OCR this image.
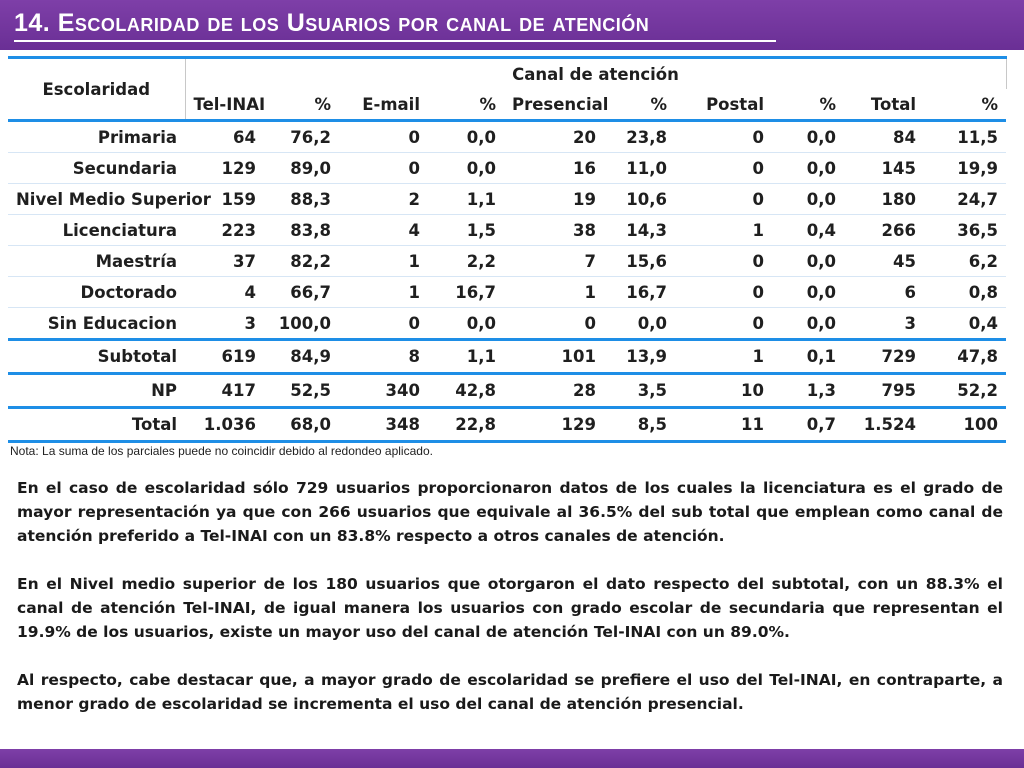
14. Escolaridad de los Usuarios por canal de atención
Escolaridad	Canal de atención									
	Tel-INAI	%	E-mail	%	Presencial	%	Postal	%	Total	%
Primaria	64	76,2	0	0,0	20	23,8	0	0,0	84	11,5
Secundaria	129	89,0	0	0,0	16	11,0	0	0,0	145	19,9
Nivel Medio Superior	159	88,3	2	1,1	19	10,6	0	0,0	180	24,7
Licenciatura	223	83,8	4	1,5	38	14,3	1	0,4	266	36,5
Maestría	37	82,2	1	2,2	7	15,6	0	0,0	45	6,2
Doctorado	4	66,7	1	16,7	1	16,7	0	0,0	6	0,8
Sin Educacion	3	100,0	0	0,0	0	0,0	0	0,0	3	0,4
Subtotal	619	84,9	8	1,1	101	13,9	1	0,1	729	47,8
NP	417	52,5	340	42,8	28	3,5	10	1,3	795	52,2
Total	1.036	68,0	348	22,8	129	8,5	11	0,7	1.524	100
Nota: La suma de los parciales puede no coincidir debido al redondeo aplicado.

En el caso de escolaridad sólo 729 usuarios proporcionaron datos de los cuales la licenciatura es el grado de mayor representación ya que con 266 usuarios que equivale al 36.5% del sub total que emplean como canal de atención preferido a Tel-INAI con un 83.8% respecto a otros canales de atención.

En el Nivel medio superior de los 180 usuarios que otorgaron el dato respecto del subtotal, con un 88.3% el canal de atención Tel-INAI, de igual manera los usuarios con grado escolar de secundaria que representan el 19.9% de los usuarios, existe un mayor uso del canal de atención Tel-INAI con un 89.0%.

Al respecto, cabe destacar que, a mayor grado de escolaridad se prefiere el uso del Tel-INAI, en contraparte, a menor grado de escolaridad se incrementa el uso del canal de atención presencial.
